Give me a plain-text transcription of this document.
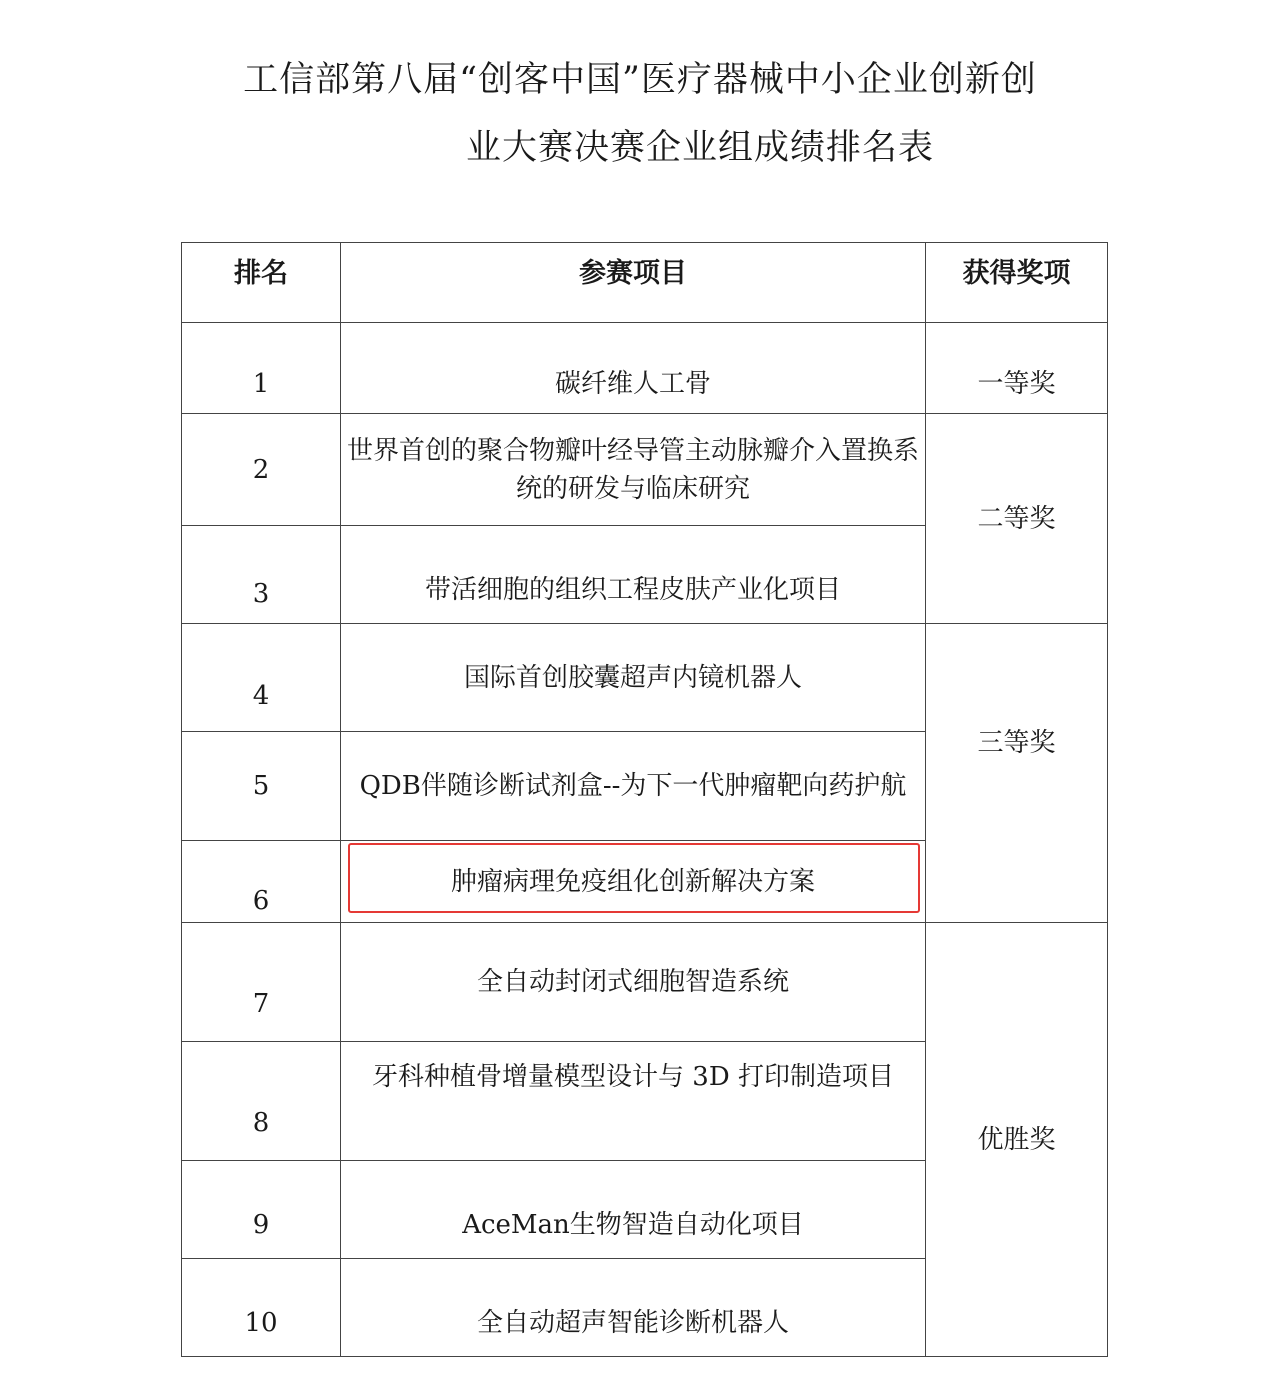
工信部第八届“创客中国”医疗器械中小企业创新创
业大赛决赛企业组成绩排名表
排名	参赛项目	获得奖项
1	碳纤维人工骨	一等奖
2	世界首创的聚合物瓣叶经导管主动脉瓣介入置换系统的研发与临床研究	二等奖
3	带活细胞的组织工程皮肤产业化项目	
4	国际首创胶囊超声内镜机器人	三等奖
5	QDB伴随诊断试剂盒--为下一代肿瘤靶向药护航	
6	肿瘤病理免疫组化创新解决方案	
7	全自动封闭式细胞智造系统	优胜奖
8	牙科种植骨增量模型设计与 3D 打印制造项目	
9	AceMan生物智造自动化项目	
10	全自动超声智能诊断机器人	
